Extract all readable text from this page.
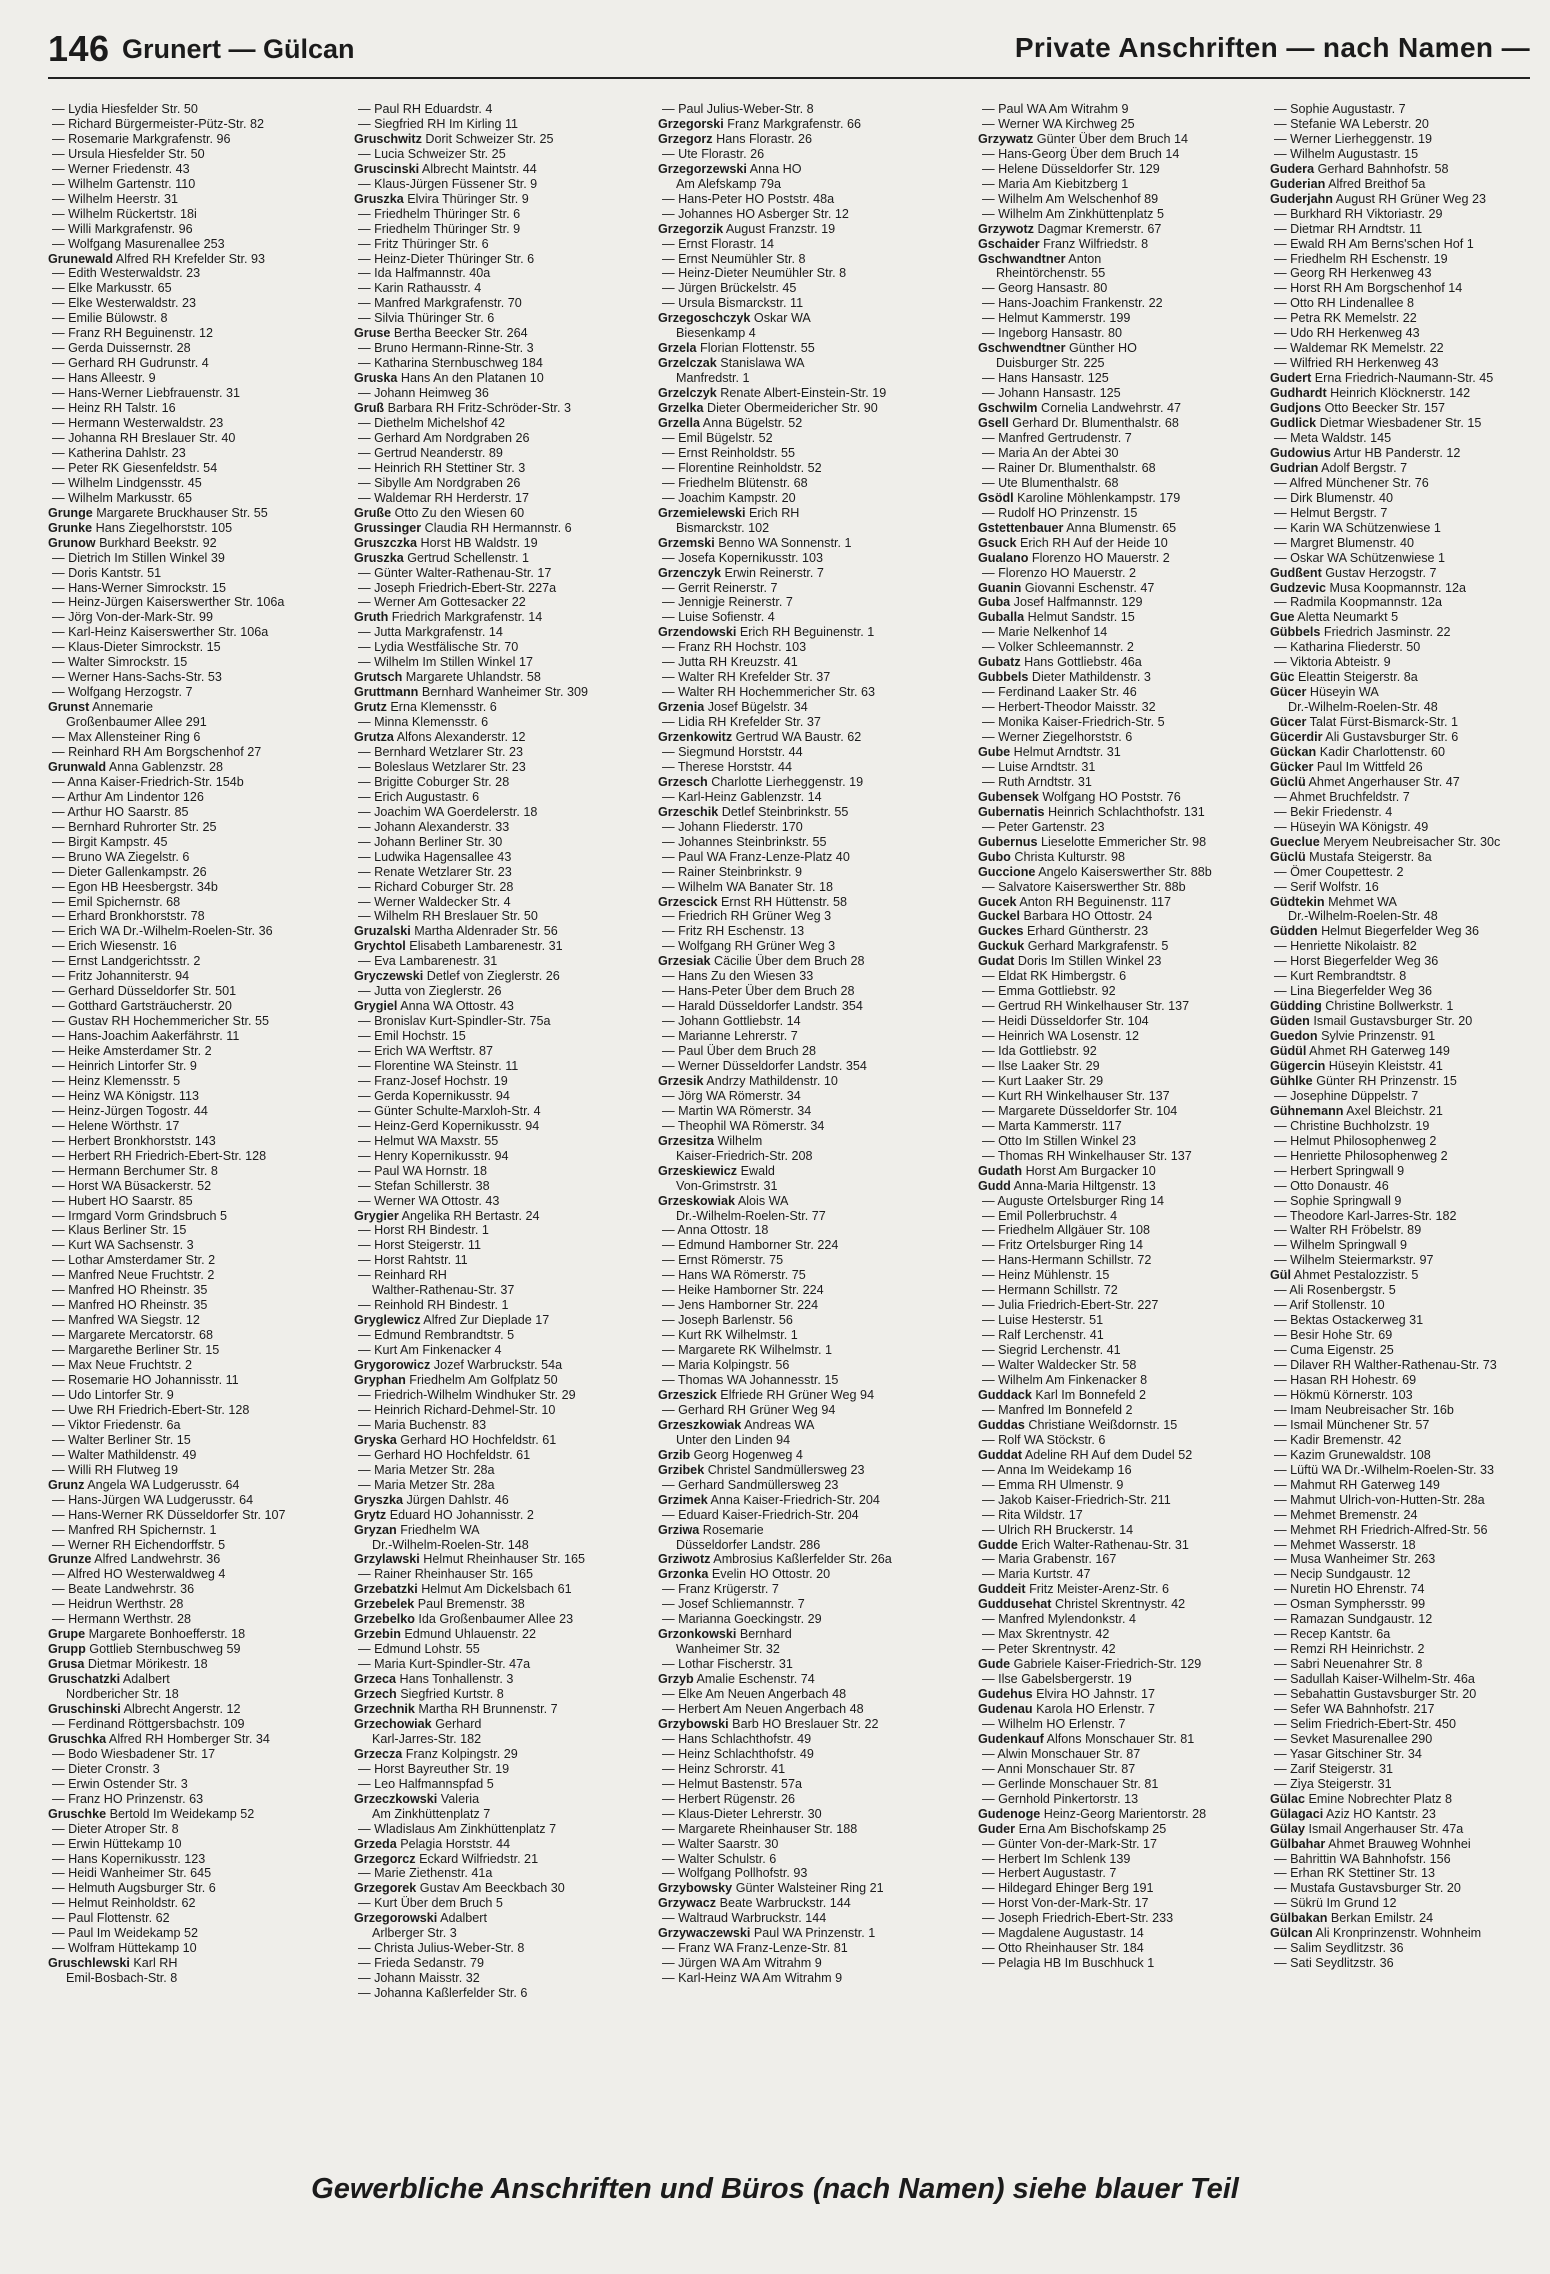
146 Grunert — Gülcan	Private Anschriften — nach Namen —
— Lydia Hiesfelder Str. 50
— Richard Bürgermeister-Pütz-Str. 82
— Rosemarie Markgrafenstr. 96
— Ursula Hiesfelder Str. 50
— Werner Friedenstr. 43
— Wilhelm Gartenstr. 110
— Wilhelm Heerstr. 31
— Wilhelm Rückertstr. 18i
— Willi Markgrafenstr. 96
— Wolfgang Masurenallee 253
Grunewald Alfred RH Krefelder Str. 93
— Edith Westerwaldstr. 23
— Elke Markusstr. 65
— Elke Westerwaldstr. 23
— Emilie Bülowstr. 8
— Franz RH Beguinenstr. 12
— Gerda Duissernstr. 28
— Gerhard RH Gudrunstr. 4
— Hans Alleestr. 9
— Hans-Werner Liebfrauenstr. 31
— Heinz RH Talstr. 16
— Hermann Westerwaldstr. 23
— Johanna RH Breslauer Str. 40
— Katherina Dahlstr. 23
— Peter RK Giesenfeldstr. 54
— Wilhelm Lindgensstr. 45
— Wilhelm Markusstr. 65
Grunge Margarete Bruckhauser Str. 55
Grunke Hans Ziegelhorststr. 105
Grunow Burkhard Beekstr. 92
— Dietrich Im Stillen Winkel 39
— Doris Kantstr. 51
— Hans-Werner Simrockstr. 15
— Heinz-Jürgen Kaiserswerther Str. 106a
— Jörg Von-der-Mark-Str. 99
— Karl-Heinz Kaiserswerther Str. 106a
— Klaus-Dieter Simrockstr. 15
— Walter Simrockstr. 15
— Werner Hans-Sachs-Str. 53
— Wolfgang Herzogstr. 7
Grunst Annemarie
Großenbaumer Allee 291
— Max Allensteiner Ring 6
— Reinhard RH Am Borgschenhof 27
Grunwald Anna Gablenzstr. 28
— Anna Kaiser-Friedrich-Str. 154b
— Arthur Am Lindentor 126
— Arthur HO Saarstr. 85
— Bernhard Ruhrorter Str. 25
— Birgit Kampstr. 45
— Bruno WA Ziegelstr. 6
— Dieter Gallenkampstr. 26
— Egon HB Heesbergstr. 34b
— Emil Spichernstr. 68
— Erhard Bronkhorststr. 78
— Erich WA Dr.-Wilhelm-Roelen-Str. 36
— Erich Wiesenstr. 16
— Ernst Landgerichtsstr. 2
— Fritz Johanniterstr. 94
— Gerhard Düsseldorfer Str. 501
— Gotthard Gartsträucherstr. 20
— Gustav RH Hochemmericher Str. 55
— Hans-Joachim Aakerfährstr. 11
— Heike Amsterdamer Str. 2
— Heinrich Lintorfer Str. 9
— Heinz Klemensstr. 5
— Heinz WA Königstr. 113
— Heinz-Jürgen Togostr. 44
— Helene Wörthstr. 17
— Herbert Bronkhorststr. 143
— Herbert RH Friedrich-Ebert-Str. 128
— Hermann Berchumer Str. 8
— Horst WA Büsackerstr. 52
— Hubert HO Saarstr. 85
— Irmgard Vorm Grindsbruch 5
— Klaus Berliner Str. 15
— Kurt WA Sachsenstr. 3
— Lothar Amsterdamer Str. 2
— Manfred Neue Fruchtstr. 2
— Manfred HO Rheinstr. 35
— Manfred HO Rheinstr. 35
— Manfred WA Siegstr. 12
— Margarete Mercatorstr. 68
— Margarethe Berliner Str. 15
— Max Neue Fruchtstr. 2
— Rosemarie HO Johannisstr. 11
— Udo Lintorfer Str. 9
— Uwe RH Friedrich-Ebert-Str. 128
— Viktor Friedenstr. 6a
— Walter Berliner Str. 15
— Walter Mathildenstr. 49
— Willi RH Flutweg 19
Grunz Angela WA Ludgerusstr. 64
— Hans-Jürgen WA Ludgerusstr. 64
— Hans-Werner RK Düsseldorfer Str. 107
— Manfred RH Spichernstr. 1
— Werner RH Eichendorffstr. 5
Grunze Alfred Landwehrstr. 36
— Alfred HO Westerwaldweg 4
— Beate Landwehrstr. 36
— Heidrun Werthstr. 28
— Hermann Werthstr. 28
Grupe Margarete Bonhoefferstr. 18
Grupp Gottlieb Sternbuschweg 59
Grusa Dietmar Mörikestr. 18
Gruschatzki Adalbert
Nordbericher Str. 18
Gruschinski Albrecht Angerstr. 12
— Ferdinand Röttgersbachstr. 109
Gruschka Alfred RH Homberger Str. 34
— Bodo Wiesbadener Str. 17
— Dieter Cronstr. 3
— Erwin Ostender Str. 3
— Franz HO Prinzenstr. 63
Gruschke Bertold Im Weidekamp 52
— Dieter Atroper Str. 8
— Erwin Hüttekamp 10
— Hans Kopernikusstr. 123
— Heidi Wanheimer Str. 645
— Helmuth Augsburger Str. 6
— Helmut Reinholdstr. 62
— Paul Flottenstr. 62
— Paul Im Weidekamp 52
— Wolfram Hüttekamp 10
Gruschlewski Karl RH
Emil-Bosbach-Str. 8
— Paul RH Eduardstr. 4
— Siegfried RH Im Kirling 11
Gruschwitz Dorit Schweizer Str. 25
— Lucia Schweizer Str. 25
Gruscinski Albrecht Maintstr. 44
— Klaus-Jürgen Füssener Str. 9
Gruszka Elvira Thüringer Str. 9
— Friedhelm Thüringer Str. 6
— Friedhelm Thüringer Str. 9
— Fritz Thüringer Str. 6
— Heinz-Dieter Thüringer Str. 6
— Ida Halfmannstr. 40a
— Karin Rathausstr. 4
— Manfred Markgrafenstr. 70
— Silvia Thüringer Str. 6
Gruse Bertha Beecker Str. 264
— Bruno Hermann-Rinne-Str. 3
— Katharina Sternbuschweg 184
Gruska Hans An den Platanen 10
— Johann Heimweg 36
Gruß Barbara RH Fritz-Schröder-Str. 3
— Diethelm Michelshof 42
— Gerhard Am Nordgraben 26
— Gertrud Neanderstr. 89
— Heinrich RH Stettiner Str. 3
— Sibylle Am Nordgraben 26
— Waldemar RH Herderstr. 17
Gruße Otto Zu den Wiesen 60
Grussinger Claudia RH Hermannstr. 6
Gruszczka Horst HB Waldstr. 19
Gruszka Gertrud Schellenstr. 1
— Günter Walter-Rathenau-Str. 17
— Joseph Friedrich-Ebert-Str. 227a
— Werner Am Gottesacker 22
Gruth Friedrich Markgrafenstr. 14
— Jutta Markgrafenstr. 14
— Lydia Westfälische Str. 70
— Wilhelm Im Stillen Winkel 17
Grutsch Margarete Uhlandstr. 58
Gruttmann Bernhard Wanheimer Str. 309
Grutz Erna Klemensstr. 6
— Minna Klemensstr. 6
Grutza Alfons Alexanderstr. 12
— Bernhard Wetzlarer Str. 23
— Boleslaus Wetzlarer Str. 23
— Brigitte Coburger Str. 28
— Erich Augustastr. 6
— Joachim WA Goerdelerstr. 18
— Johann Alexanderstr. 33
— Johann Berliner Str. 30
— Ludwika Hagensallee 43
— Renate Wetzlarer Str. 23
— Richard Coburger Str. 28
— Werner Waldecker Str. 4
— Wilhelm RH Breslauer Str. 50
Gruzalski Martha Aldenrader Str. 56
Grychtol Elisabeth Lambarenestr. 31
— Eva Lambarenestr. 31
Gryczewski Detlef von Zieglerstr. 26
— Jutta von Zieglerstr. 26
Grygiel Anna WA Ottostr. 43
— Bronislav Kurt-Spindler-Str. 75a
— Emil Hochstr. 15
— Erich WA Werftstr. 87
— Florentine WA Steinstr. 11
— Franz-Josef Hochstr. 19
— Gerda Kopernikusstr. 94
— Günter Schulte-Marxloh-Str. 4
— Heinz-Gerd Kopernikusstr. 94
— Helmut WA Maxstr. 55
— Henry Kopernikusstr. 94
— Paul WA Hornstr. 18
— Stefan Schillerstr. 38
— Werner WA Ottostr. 43
Grygier Angelika RH Bertastr. 24
— Horst RH Bindestr. 1
— Horst Steigerstr. 11
— Horst Rahtstr. 11
— Reinhard RH
Walther-Rathenau-Str. 37
— Reinhold RH Bindestr. 1
Gryglewicz Alfred Zur Dieplade 17
— Edmund Rembrandtstr. 5
— Kurt Am Finkenacker 4
Grygorowicz Jozef Warbruckstr. 54a
Gryphan Friedhelm Am Golfplatz 50
— Friedrich-Wilhelm Windhuker Str. 29
— Heinrich Richard-Dehmel-Str. 10
— Maria Buchenstr. 83
Gryska Gerhard HO Hochfeldstr. 61
— Gerhard HO Hochfeldstr. 61
— Maria Metzer Str. 28a
— Maria Metzer Str. 28a
Gryszka Jürgen Dahlstr. 46
Grytz Eduard HO Johannisstr. 2
Gryzan Friedhelm WA
Dr.-Wilhelm-Roelen-Str. 148
Grzylawski Helmut Rheinhauser Str. 165
— Rainer Rheinhauser Str. 165
Grzebatzki Helmut Am Dickelsbach 61
Grzebelek Paul Bremenstr. 38
Grzebelko Ida Großenbaumer Allee 23
Grzebin Edmund Uhlauenstr. 22
— Edmund Lohstr. 55
— Maria Kurt-Spindler-Str. 47a
Grzeca Hans Tonhallenstr. 3
Grzech Siegfried Kurtstr. 8
Grzechnik Martha RH Brunnenstr. 7
Grzechowiak Gerhard
Karl-Jarres-Str. 182
Grzecza Franz Kolpingstr. 29
— Horst Bayreuther Str. 19
— Leo Halfmannspfad 5
Grzeczkowski Valeria
Am Zinkhüttenplatz 7
— Wladislaus Am Zinkhüttenplatz 7
Grzeda Pelagia Horststr. 44
Grzegorcz Eckard Wilfriedstr. 21
— Marie Ziethenstr. 41a
Grzegorek Gustav Am Beeckbach 30
— Kurt Über dem Bruch 5
Grzegorowski Adalbert
Arlberger Str. 3
— Christa Julius-Weber-Str. 8
— Frieda Sedanstr. 79
— Johann Maisstr. 32
— Johanna Kaßlerfelder Str. 6
— Paul Julius-Weber-Str. 8
Grzegorski Franz Markgrafenstr. 66
Grzegorz Hans Florastr. 26
— Ute Florastr. 26
Grzegorzewski Anna HO
Am Alefskamp 79a
— Hans-Peter HO Poststr. 48a
— Johannes HO Asberger Str. 12
Grzegorzik August Franzstr. 19
— Ernst Florastr. 14
— Ernst Neumühler Str. 8
— Heinz-Dieter Neumühler Str. 8
— Jürgen Brückelstr. 45
— Ursula Bismarckstr. 11
Grzegoschczyk Oskar WA
Biesenkamp 4
Grzela Florian Flottenstr. 55
Grzelczak Stanislawa WA
Manfredstr. 1
Grzelczyk Renate Albert-Einstein-Str. 19
Grzelka Dieter Obermeidericher Str. 90
Grzella Anna Bügelstr. 52
— Emil Bügelstr. 52
— Ernst Reinholdstr. 55
— Florentine Reinholdstr. 52
— Friedhelm Blütenstr. 68
— Joachim Kampstr. 20
Grzemielewski Erich RH
Bismarckstr. 102
Grzemski Benno WA Sonnenstr. 1
— Josefa Kopernikusstr. 103
Grzenczyk Erwin Reinerstr. 7
— Gerrit Reinerstr. 7
— Jennigje Reinerstr. 7
— Luise Sofienstr. 4
Grzendowski Erich RH Beguinenstr. 1
— Franz RH Hochstr. 103
— Jutta RH Kreuzstr. 41
— Walter RH Krefelder Str. 37
— Walter RH Hochemmericher Str. 63
Grzenia Josef Bügelstr. 34
— Lidia RH Krefelder Str. 37
Grzenkowitz Gertrud WA Baustr. 62
— Siegmund Horststr. 44
— Therese Horststr. 44
Grzesch Charlotte Lierheggenstr. 19
— Karl-Heinz Gablenzstr. 14
Grzeschik Detlef Steinbrinkstr. 55
— Johann Fliederstr. 170
— Johannes Steinbrinkstr. 55
— Paul WA Franz-Lenze-Platz 40
— Rainer Steinbrinkstr. 9
— Wilhelm WA Banater Str. 18
Grzescick Ernst RH Hüttenstr. 58
— Friedrich RH Grüner Weg 3
— Fritz RH Eschenstr. 13
— Wolfgang RH Grüner Weg 3
Grzesiak Cäcilie Über dem Bruch 28
— Hans Zu den Wiesen 33
— Hans-Peter Über dem Bruch 28
— Harald Düsseldorfer Landstr. 354
— Johann Gottliebstr. 14
— Marianne Lehrerstr. 7
— Paul Über dem Bruch 28
— Werner Düsseldorfer Landstr. 354
Grzesik Andrzy Mathildenstr. 10
— Jörg WA Römerstr. 34
— Martin WA Römerstr. 34
— Theophil WA Römerstr. 34
Grzesitza Wilhelm
Kaiser-Friedrich-Str. 208
Grzeskiewicz Ewald
Von-Grimstrstr. 31
Grzeskowiak Alois WA
Dr.-Wilhelm-Roelen-Str. 77
— Anna Ottostr. 18
— Edmund Hamborner Str. 224
— Ernst Römerstr. 75
— Hans WA Römerstr. 75
— Heike Hamborner Str. 224
— Jens Hamborner Str. 224
— Joseph Barlenstr. 56
— Kurt RK Wilhelmstr. 1
— Margarete RK Wilhelmstr. 1
— Maria Kolpingstr. 56
— Thomas WA Johannesstr. 15
Grzeszick Elfriede RH Grüner Weg 94
— Gerhard RH Grüner Weg 94
Grzeszkowiak Andreas WA
Unter den Linden 94
Grzib Georg Hogenweg 4
Grzibek Christel Sandmüllersweg 23
— Gerhard Sandmüllersweg 23
Grzimek Anna Kaiser-Friedrich-Str. 204
— Eduard Kaiser-Friedrich-Str. 204
Grziwa Rosemarie
Düsseldorfer Landstr. 286
Grziwotz Ambrosius Kaßlerfelder Str. 26a
Grzonka Evelin HO Ottostr. 20
— Franz Krügerstr. 7
— Josef Schliemannstr. 7
— Marianna Goeckingstr. 29
Grzonkowski Bernhard
Wanheimer Str. 32
— Lothar Fischerstr. 31
Grzyb Amalie Eschenstr. 74
— Elke Am Neuen Angerbach 48
— Herbert Am Neuen Angerbach 48
Grzybowski Barb HO Breslauer Str. 22
— Hans Schlachthofstr. 49
— Heinz Schlachthofstr. 49
— Heinz Schrorstr. 41
— Helmut Bastenstr. 57a
— Herbert Rügenstr. 26
— Klaus-Dieter Lehrerstr. 30
— Margarete Rheinhauser Str. 188
— Walter Saarstr. 30
— Walter Schulstr. 6
— Wolfgang Pollhofstr. 93
Grzybowsky Günter Walsteiner Ring 21
Grzywacz Beate Warbruckstr. 144
— Waltraud Warbruckstr. 144
Grzywaczewski Paul WA Prinzenstr. 1
— Franz WA Franz-Lenze-Str. 81
— Jürgen WA Am Witrahm 9
— Karl-Heinz WA Am Witrahm 9
— Paul WA Am Witrahm 9
— Werner WA Kirchweg 25
Grzywatz Günter Über dem Bruch 14
— Hans-Georg Über dem Bruch 14
— Helene Düsseldorfer Str. 129
— Maria Am Kiebitzberg 1
— Wilhelm Am Welschenhof 89
— Wilhelm Am Zinkhüttenplatz 5
Grzywotz Dagmar Kremerstr. 67
Gschaider Franz Wilfriedstr. 8
Gschwandtner Anton
Rheintörchenstr. 55
— Georg Hansastr. 80
— Hans-Joachim Frankenstr. 22
— Helmut Kammerstr. 199
— Ingeborg Hansastr. 80
Gschwendtner Günther HO
Duisburger Str. 225
— Hans Hansastr. 125
— Johann Hansastr. 125
Gschwilm Cornelia Landwehrstr. 47
Gsell Gerhard Dr. Blumenthalstr. 68
— Manfred Gertrudenstr. 7
— Maria An der Abtei 30
— Rainer Dr. Blumenthalstr. 68
— Ute Blumenthalstr. 68
Gsödl Karoline Möhlenkampstr. 179
— Rudolf HO Prinzenstr. 15
Gstettenbauer Anna Blumenstr. 65
Gsuck Erich RH Auf der Heide 10
Gualano Florenzo HO Mauerstr. 2
— Florenzo HO Mauerstr. 2
Guanin Giovanni Eschenstr. 47
Guba Josef Halfmannstr. 129
Guballa Helmut Sandstr. 15
— Marie Nelkenhof 14
— Volker Schleemannstr. 2
Gubatz Hans Gottliebstr. 46a
Gubbels Dieter Mathildenstr. 3
— Ferdinand Laaker Str. 46
— Herbert-Theodor Maisstr. 32
— Monika Kaiser-Friedrich-Str. 5
— Werner Ziegelhorststr. 6
Gube Helmut Arndtstr. 31
— Luise Arndtstr. 31
— Ruth Arndtstr. 31
Gubensek Wolfgang HO Poststr. 76
Gubernatis Heinrich Schlachthofstr. 131
— Peter Gartenstr. 23
Gubernus Lieselotte Emmericher Str. 98
Gubo Christa Kulturstr. 98
Guccione Angelo Kaiserswerther Str. 88b
— Salvatore Kaiserswerther Str. 88b
Gucek Anton RH Beguinenstr. 117
Guckel Barbara HO Ottostr. 24
Guckes Erhard Güntherstr. 23
Guckuk Gerhard Markgrafenstr. 5
Gudat Doris Im Stillen Winkel 23
— Eldat RK Himbergstr. 6
— Emma Gottliebstr. 92
— Gertrud RH Winkelhauser Str. 137
— Heidi Düsseldorfer Str. 104
— Heinrich WA Losenstr. 12
— Ida Gottliebstr. 92
— Ilse Laaker Str. 29
— Kurt Laaker Str. 29
— Kurt RH Winkelhauser Str. 137
— Margarete Düsseldorfer Str. 104
— Marta Kammerstr. 117
— Otto Im Stillen Winkel 23
— Thomas RH Winkelhauser Str. 137
Gudath Horst Am Burgacker 10
Gudd Anna-Maria Hiltgenstr. 13
— Auguste Ortelsburger Ring 14
— Emil Pollerbruchstr. 4
— Friedhelm Allgäuer Str. 108
— Fritz Ortelsburger Ring 14
— Hans-Hermann Schillstr. 72
— Heinz Mühlenstr. 15
— Hermann Schillstr. 72
— Julia Friedrich-Ebert-Str. 227
— Luise Hesterstr. 51
— Ralf Lerchenstr. 41
— Siegrid Lerchenstr. 41
— Walter Waldecker Str. 58
— Wilhelm Am Finkenacker 8
Guddack Karl Im Bonnefeld 2
— Manfred Im Bonnefeld 2
Guddas Christiane Weißdornstr. 15
— Rolf WA Stöckstr. 6
Guddat Adeline RH Auf dem Dudel 52
— Anna Im Weidekamp 16
— Emma RH Ulmenstr. 9
— Jakob Kaiser-Friedrich-Str. 211
— Rita Wildstr. 17
— Ulrich RH Bruckerstr. 14
Gudde Erich Walter-Rathenau-Str. 31
— Maria Grabenstr. 167
— Maria Kurtstr. 47
Guddeit Fritz Meister-Arenz-Str. 6
Guddusehat Christel Skrentnystr. 42
— Manfred Mylendonkstr. 4
— Max Skrentnystr. 42
— Peter Skrentnystr. 42
Gude Gabriele Kaiser-Friedrich-Str. 129
— Ilse Gabelsbergerstr. 19
Gudehus Elvira HO Jahnstr. 17
Gudenau Karola HO Erlenstr. 7
— Wilhelm HO Erlenstr. 7
Gudenkauf Alfons Monschauer Str. 81
— Alwin Monschauer Str. 87
— Anni Monschauer Str. 87
— Gerlinde Monschauer Str. 81
— Gernhold Pinkertorstr. 13
Gudenoge Heinz-Georg Marientorstr. 28
Guder Erna Am Bischofskamp 25
— Günter Von-der-Mark-Str. 17
— Herbert Im Schlenk 139
— Herbert Augustastr. 7
— Hildegard Ehinger Berg 191
— Horst Von-der-Mark-Str. 17
— Joseph Friedrich-Ebert-Str. 233
— Magdalene Augustastr. 14
— Otto Rheinhauser Str. 184
— Pelagia HB Im Buschhuck 1
— Sophie Augustastr. 7
— Stefanie WA Leberstr. 20
— Werner Lierheggenstr. 19
— Wilhelm Augustastr. 15
Gudera Gerhard Bahnhofstr. 58
Guderian Alfred Breithof 5a
Guderjahn August RH Grüner Weg 23
— Burkhard RH Viktoriastr. 29
— Dietmar RH Arndtstr. 11
— Ewald RH Am Berns'schen Hof 1
— Friedhelm RH Eschenstr. 19
— Georg RH Herkenweg 43
— Horst RH Am Borgschenhof 14
— Otto RH Lindenallee 8
— Petra RK Memelstr. 22
— Udo RH Herkenweg 43
— Waldemar RK Memelstr. 22
— Wilfried RH Herkenweg 43
Gudert Erna Friedrich-Naumann-Str. 45
Gudhardt Heinrich Klöcknerstr. 142
Gudjons Otto Beecker Str. 157
Gudlick Dietmar Wiesbadener Str. 15
— Meta Waldstr. 145
Gudowius Artur HB Panderstr. 12
Gudrian Adolf Bergstr. 7
— Alfred Münchener Str. 76
— Dirk Blumenstr. 40
— Helmut Bergstr. 7
— Karin WA Schützenwiese 1
— Margret Blumenstr. 40
— Oskar WA Schützenwiese 1
Gudßent Gustav Herzogstr. 7
Gudzevic Musa Koopmannstr. 12a
— Radmila Koopmannstr. 12a
Gue Aletta Neumarkt 5
Gübbels Friedrich Jasminstr. 22
— Katharina Fliederstr. 50
— Viktoria Abteistr. 9
Güc Eleattin Steigerstr. 8a
Gücer Hüseyin WA
Dr.-Wilhelm-Roelen-Str. 48
Gücer Talat Fürst-Bismarck-Str. 1
Gücerdir Ali Gustavsburger Str. 6
Gückan Kadir Charlottenstr. 60
Gücker Paul Im Wittfeld 26
Güclü Ahmet Angerhauser Str. 47
— Ahmet Bruchfeldstr. 7
— Bekir Friedenstr. 4
— Hüseyin WA Königstr. 49
Gueclue Meryem Neubreisacher Str. 30c
Güclü Mustafa Steigerstr. 8a
— Ömer Coupettestr. 2
— Serif Wolfstr. 16
Güdtekin Mehmet WA
Dr.-Wilhelm-Roelen-Str. 48
Güdden Helmut Biegerfelder Weg 36
— Henriette Nikolaistr. 82
— Horst Biegerfelder Weg 36
— Kurt Rembrandtstr. 8
— Lina Biegerfelder Weg 36
Güdding Christine Bollwerkstr. 1
Güden Ismail Gustavsburger Str. 20
Guedon Sylvie Prinzenstr. 91
Güdül Ahmet RH Gaterweg 149
Gügercin Hüseyin Kleiststr. 41
Gühlke Günter RH Prinzenstr. 15
— Josephine Düppelstr. 7
Gühnemann Axel Bleichstr. 21
— Christine Buchholzstr. 19
— Helmut Philosophenweg 2
— Henriette Philosophenweg 2
— Herbert Springwall 9
— Otto Donaustr. 46
— Sophie Springwall 9
— Theodore Karl-Jarres-Str. 182
— Walter RH Fröbelstr. 89
— Wilhelm Springwall 9
— Wilhelm Steiermarkstr. 97
Gül Ahmet Pestalozzistr. 5
— Ali Rosenbergstr. 5
— Arif Stollenstr. 10
— Bektas Ostackerweg 31
— Besir Hohe Str. 69
— Cuma Eigenstr. 25
— Dilaver RH Walther-Rathenau-Str. 73
— Hasan RH Hohestr. 69
— Hökmü Körnerstr. 103
— Imam Neubreisacher Str. 16b
— Ismail Münchener Str. 57
— Kadir Bremenstr. 42
— Kazim Grunewaldstr. 108
— Lüftü WA Dr.-Wilhelm-Roelen-Str. 33
— Mahmut RH Gaterweg 149
— Mahmut Ulrich-von-Hutten-Str. 28a
— Mehmet Bremenstr. 24
— Mehmet RH Friedrich-Alfred-Str. 56
— Mehmet Wasserstr. 18
— Musa Wanheimer Str. 263
— Necip Sundgaustr. 12
— Nuretin HO Ehrenstr. 74
— Osman Symphersstr. 99
— Ramazan Sundgaustr. 12
— Recep Kantstr. 6a
— Remzi RH Heinrichstr. 2
— Sabri Neuenahrer Str. 8
— Sadullah Kaiser-Wilhelm-Str. 46a
— Sebahattin Gustavsburger Str. 20
— Sefer WA Bahnhofstr. 217
— Selim Friedrich-Ebert-Str. 450
— Sevket Masurenallee 290
— Yasar Gitschiner Str. 34
— Zarif Steigerstr. 31
— Ziya Steigerstr. 31
Gülac Emine Nobrechter Platz 8
Gülagaci Aziz HO Kantstr. 23
Gülay Ismail Angerhauser Str. 47a
Gülbahar Ahmet Brauweg Wohnhei
— Bahrittin WA Bahnhofstr. 156
— Erhan RK Stettiner Str. 13
— Mustafa Gustavsburger Str. 20
— Sükrü Im Grund 12
Gülbakan Berkan Emilstr. 24
Gülcan Ali Kronprinzenstr. Wohnheim
— Salim Seydlitzstr. 36
— Sati Seydlitzstr. 36
Gewerbliche Anschriften und Büros (nach Namen) siehe blauer Teil
